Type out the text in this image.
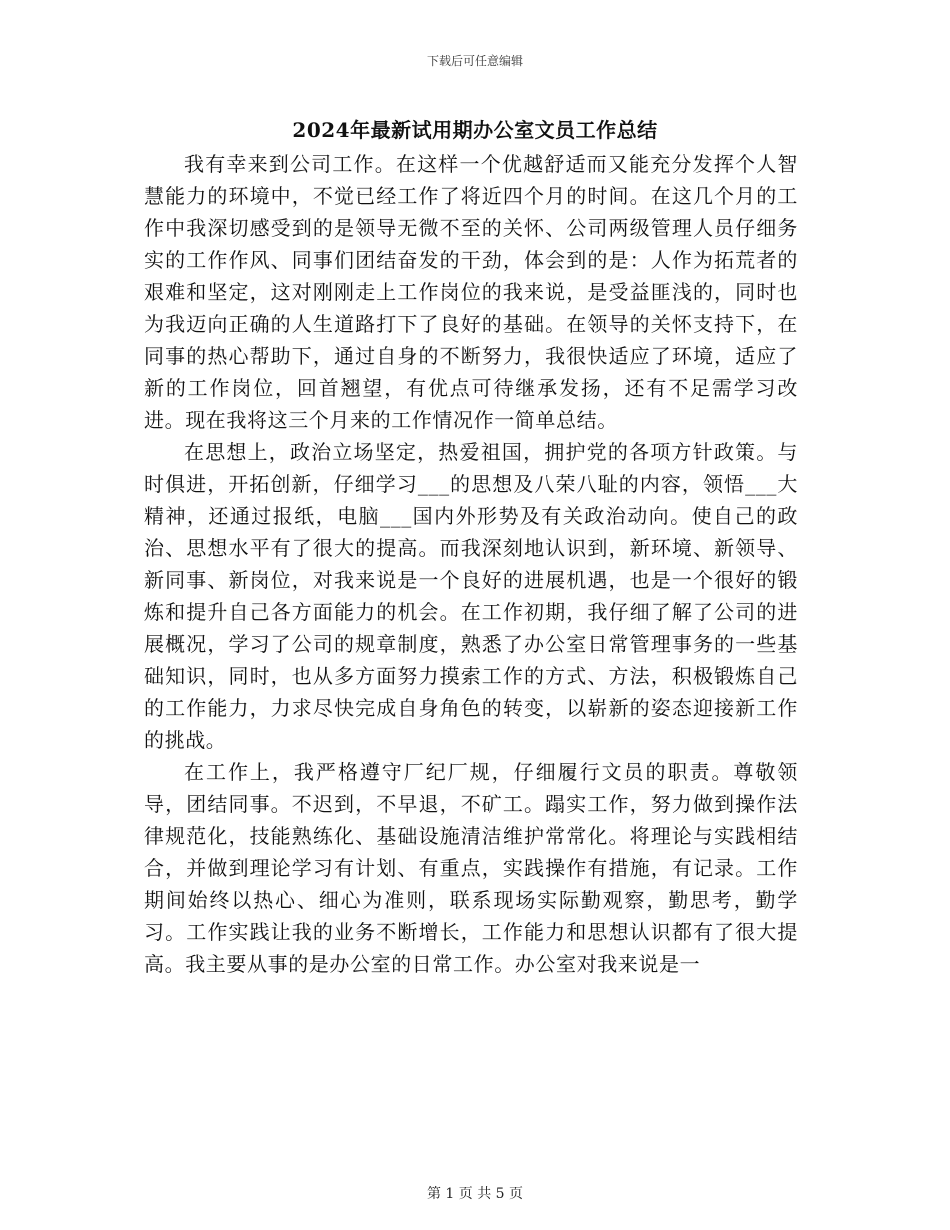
下载后可任意编辑
2024年最新试用期办公室文员工作总结

我有幸来到公司工作。在这样一个优越舒适而又能充分发挥个人智慧能力的环境中，不觉已经工作了将近四个月的时间。在这几个月的工作中我深切感受到的是领导无微不至的关怀、公司两级管理人员仔细务实的工作作风、同事们团结奋发的干劲，体会到的是：人作为拓荒者的艰难和坚定，这对刚刚走上工作岗位的我来说，是受益匪浅的，同时也为我迈向正确的人生道路打下了良好的基础。在领导的关怀支持下，在同事的热心帮助下，通过自身的不断努力，我很快适应了环境，适应了新的工作岗位，回首翘望，有优点可待继承发扬，还有不足需学习改进。现在我将这三个月来的工作情况作一简单总结。

在思想上，政治立场坚定，热爱祖国，拥护党的各项方针政策。与时俱进，开拓创新，仔细学习___的思想及八荣八耻的内容，领悟___大精神，还通过报纸，电脑___国内外形势及有关政治动向。使自己的政治、思想水平有了很大的提高。而我深刻地认识到，新环境、新领导、新同事、新岗位，对我来说是一个良好的进展机遇，也是一个很好的锻炼和提升自己各方面能力的机会。在工作初期，我仔细了解了公司的进展概况，学习了公司的规章制度，熟悉了办公室日常管理事务的一些基础知识，同时，也从多方面努力摸索工作的方式、方法，积极锻炼自己的工作能力，力求尽快完成自身角色的转变，以崭新的姿态迎接新工作的挑战。

在工作上，我严格遵守厂纪厂规，仔细履行文员的职责。尊敬领导，团结同事。不迟到，不早退，不矿工。蹋实工作，努力做到操作法律规范化，技能熟练化、基础设施清洁维护常常化。将理论与实践相结合，并做到理论学习有计划、有重点，实践操作有措施，有记录。工作期间始终以热心、细心为准则，联系现场实际勤观察，勤思考，勤学习。工作实践让我的业务不断增长，工作能力和思想认识都有了很大提高。我主要从事的是办公室的日常工作。办公室对我来说是一

第 1 页 共 5 页
